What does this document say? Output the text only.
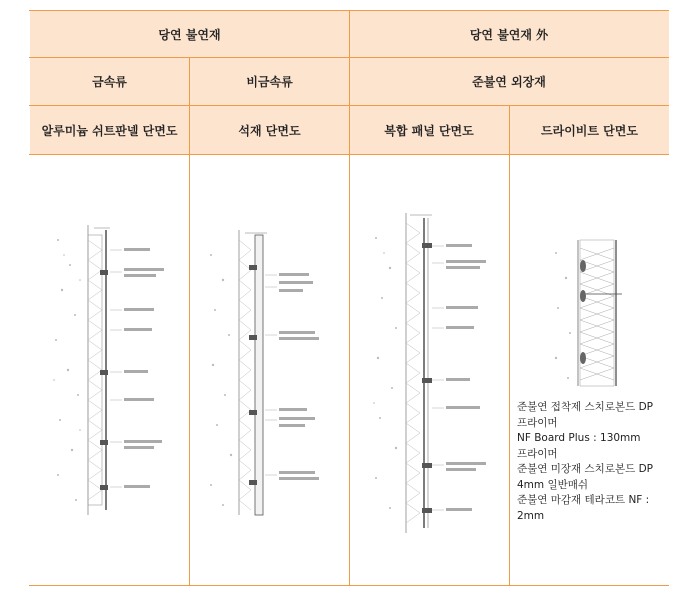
당연 불연재	당연 불연재 外
금속류	비금속류	준불연 외장재
알루미늄 쉬트판넬 단면도	석재 단면도	복합 패널 단면도	드라이비트 단면도
준불연 접착제 스치로본드 DP
프라이머
NF Board Plus : 130mm
프라이머
준불연 미장재 스치로본드 DP
4mm 일반매쉬
준불연 마감재 테라코트 NF :
2mm
